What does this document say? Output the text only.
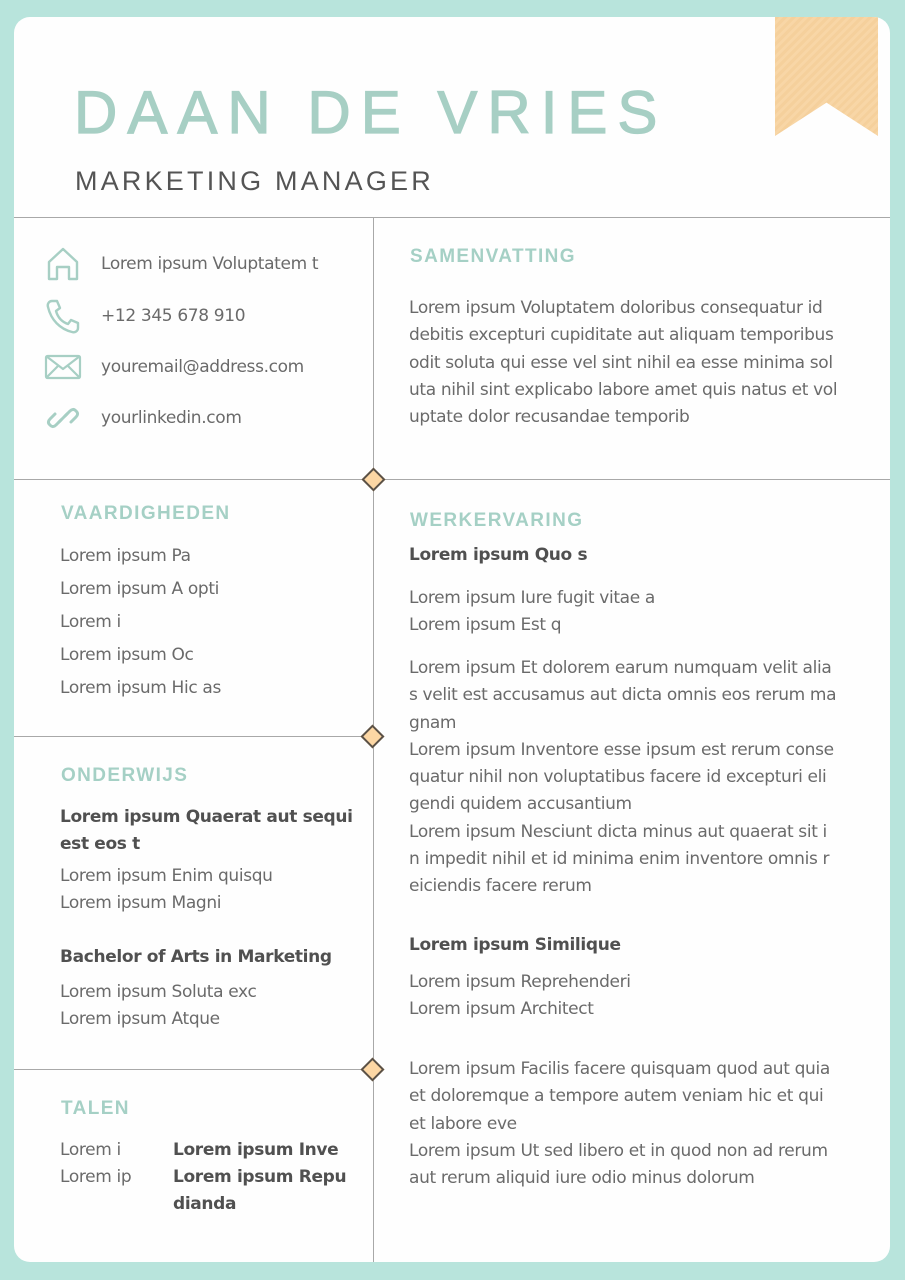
DAAN DE VRIES
MARKETING MANAGER
Lorem ipsum Voluptatem t
+12 345 678 910
youremail@address.com
yourlinkedin.com
SAMENVATTING
Lorem ipsum Voluptatem doloribus consequatur id
debitis excepturi cupiditate aut aliquam temporibus
odit soluta qui esse vel sint nihil ea esse minima sol
uta nihil sint explicabo labore amet quis natus et vol
uptate dolor recusandae temporib
VAARDIGHEDEN
Lorem ipsum Pa
Lorem ipsum A opti
Lorem i
Lorem ipsum Oc
Lorem ipsum Hic as
ONDERWIJS
Lorem ipsum Quaerat aut sequi
est eos t
Lorem ipsum Enim quisqu
Lorem ipsum Magni
Bachelor of Arts in Marketing
Lorem ipsum Soluta exc
Lorem ipsum Atque
TALEN
Lorem i	Lorem ipsum Inve
Lorem ip Lorem ipsum Repu
dianda
WERKERVARING
Lorem ipsum Quo s
Lorem ipsum Iure fugit vitae a
Lorem ipsum Est q
Lorem ipsum Et dolorem earum numquam velit alia
s velit est accusamus aut dicta omnis eos rerum ma
gnam
Lorem ipsum Inventore esse ipsum est rerum conse
quatur nihil non voluptatibus facere id excepturi eli
gendi quidem accusantium
Lorem ipsum Nesciunt dicta minus aut quaerat sit i
n impedit nihil et id minima enim inventore omnis r
eiciendis facere rerum
Lorem ipsum Similique
Lorem ipsum Reprehenderi
Lorem ipsum Architect
Lorem ipsum Facilis facere quisquam quod aut quia
et doloremque a tempore autem veniam hic et qui
et labore eve
Lorem ipsum Ut sed libero et in quod non ad rerum
aut rerum aliquid iure odio minus dolorum
